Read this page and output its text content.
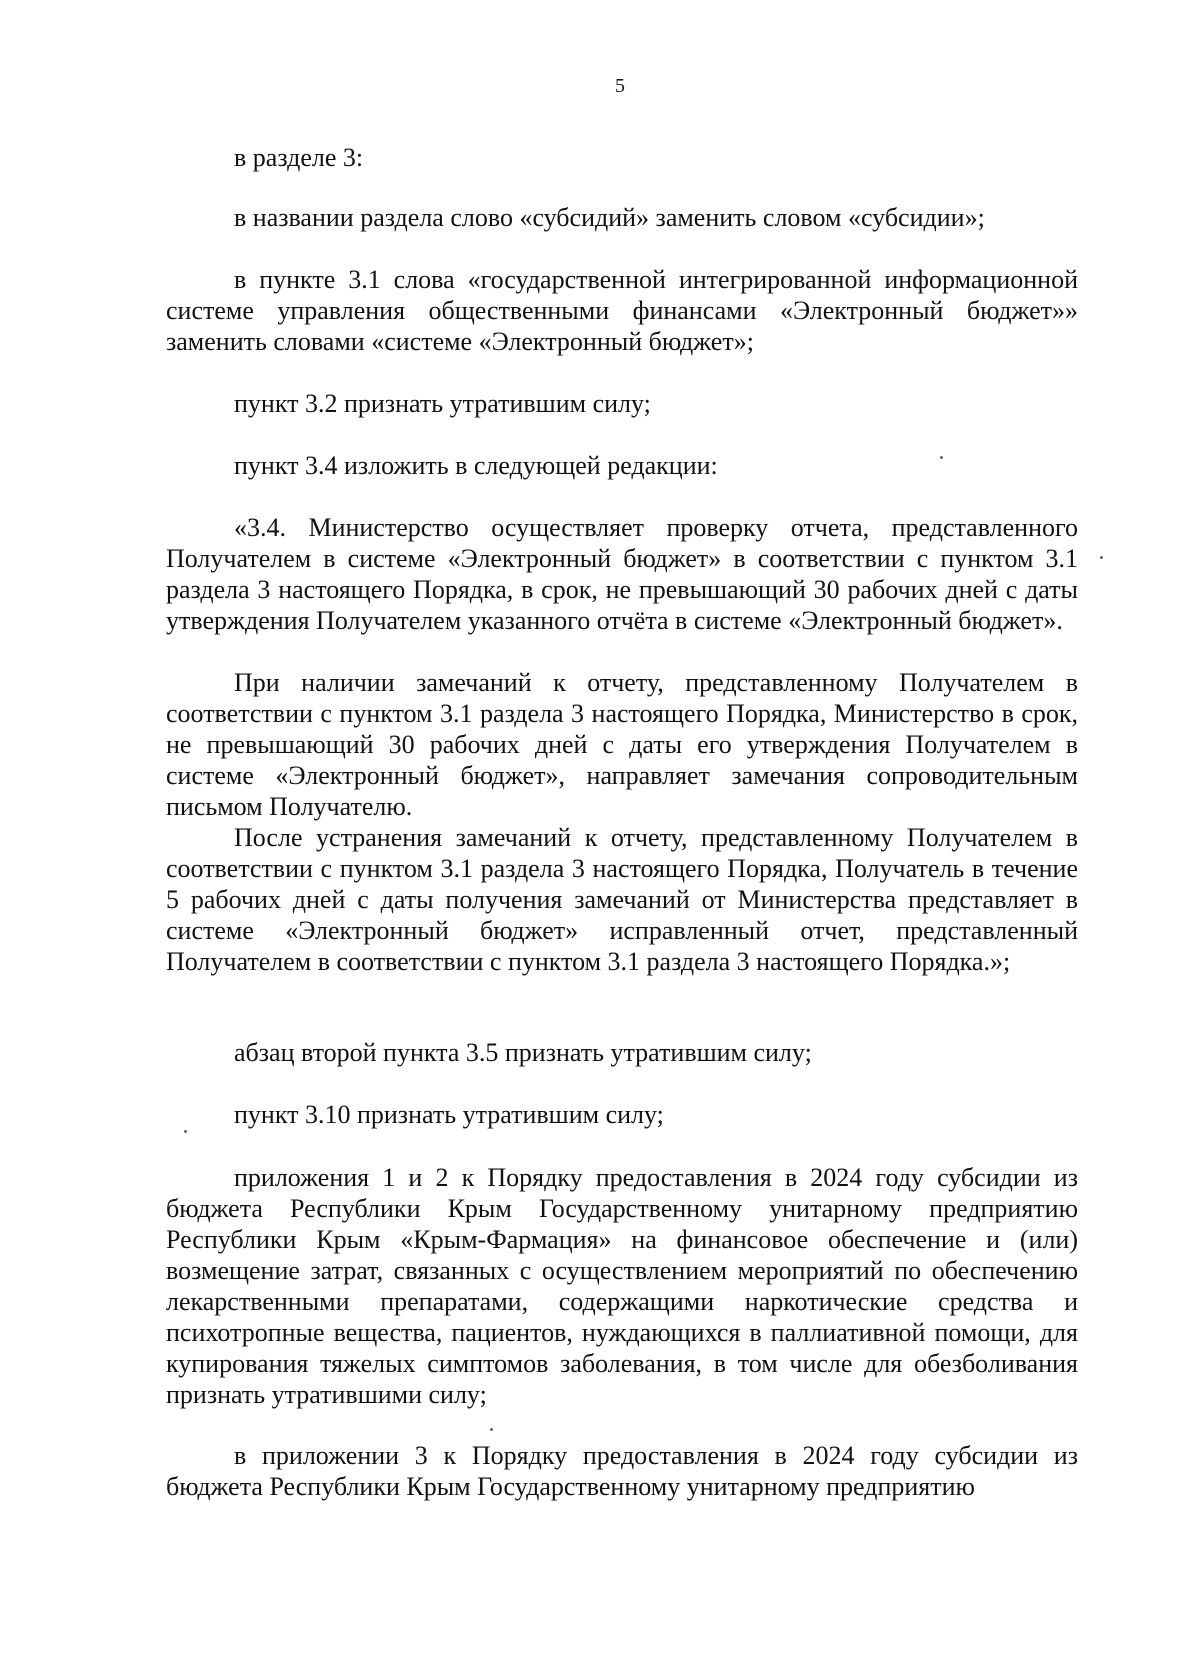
5

в разделе 3:

в названии раздела слово «субсидий» заменить словом «субсидии»;

в пункте 3.1 слова «государственной интегрированной информационной системе управления общественными финансами «Электронный бюджет»» заменить словами «системе «Электронный бюджет»;

пункт 3.2 признать утратившим силу;

пункт 3.4 изложить в следующей редакции:

«3.4. Министерство осуществляет проверку отчета, представленного Получателем в системе «Электронный бюджет» в соответствии с пунктом 3.1 раздела 3 настоящего Порядка, в срок, не превышающий 30 рабочих дней с даты утверждения Получателем указанного отчёта в системе «Электронный бюджет».

При наличии замечаний к отчету, представленному Получателем в соответствии с пунктом 3.1 раздела 3 настоящего Порядка, Министерство в срок, не превышающий 30 рабочих дней с даты его утверждения Получателем в системе «Электронный бюджет», направляет замечания сопроводительным письмом Получателю.

После устранения замечаний к отчету, представленному Получателем в соответствии с пунктом 3.1 раздела 3 настоящего Порядка, Получатель в течение 5 рабочих дней с даты получения замечаний от Министерства представляет в системе «Электронный бюджет» исправленный отчет, представленный Получателем в соответствии с пунктом 3.1 раздела 3 настоящего Порядка.»;

абзац второй пункта 3.5 признать утратившим силу;

пункт 3.10 признать утратившим силу;

приложения 1 и 2 к Порядку предоставления в 2024 году субсидии из бюджета Республики Крым Государственному унитарному предприятию Республики Крым «Крым-Фармация» на финансовое обеспечение и (или) возмещение затрат, связанных с осуществлением мероприятий по обеспечению лекарственными препаратами, содержащими наркотические средства и психотропные вещества, пациентов, нуждающихся в паллиативной помощи, для купирования тяжелых симптомов заболевания, в том числе для обезболивания признать утратившими силу;

в приложении 3 к Порядку предоставления в 2024 году субсидии из бюджета Республики Крым Государственному унитарному предприятию
